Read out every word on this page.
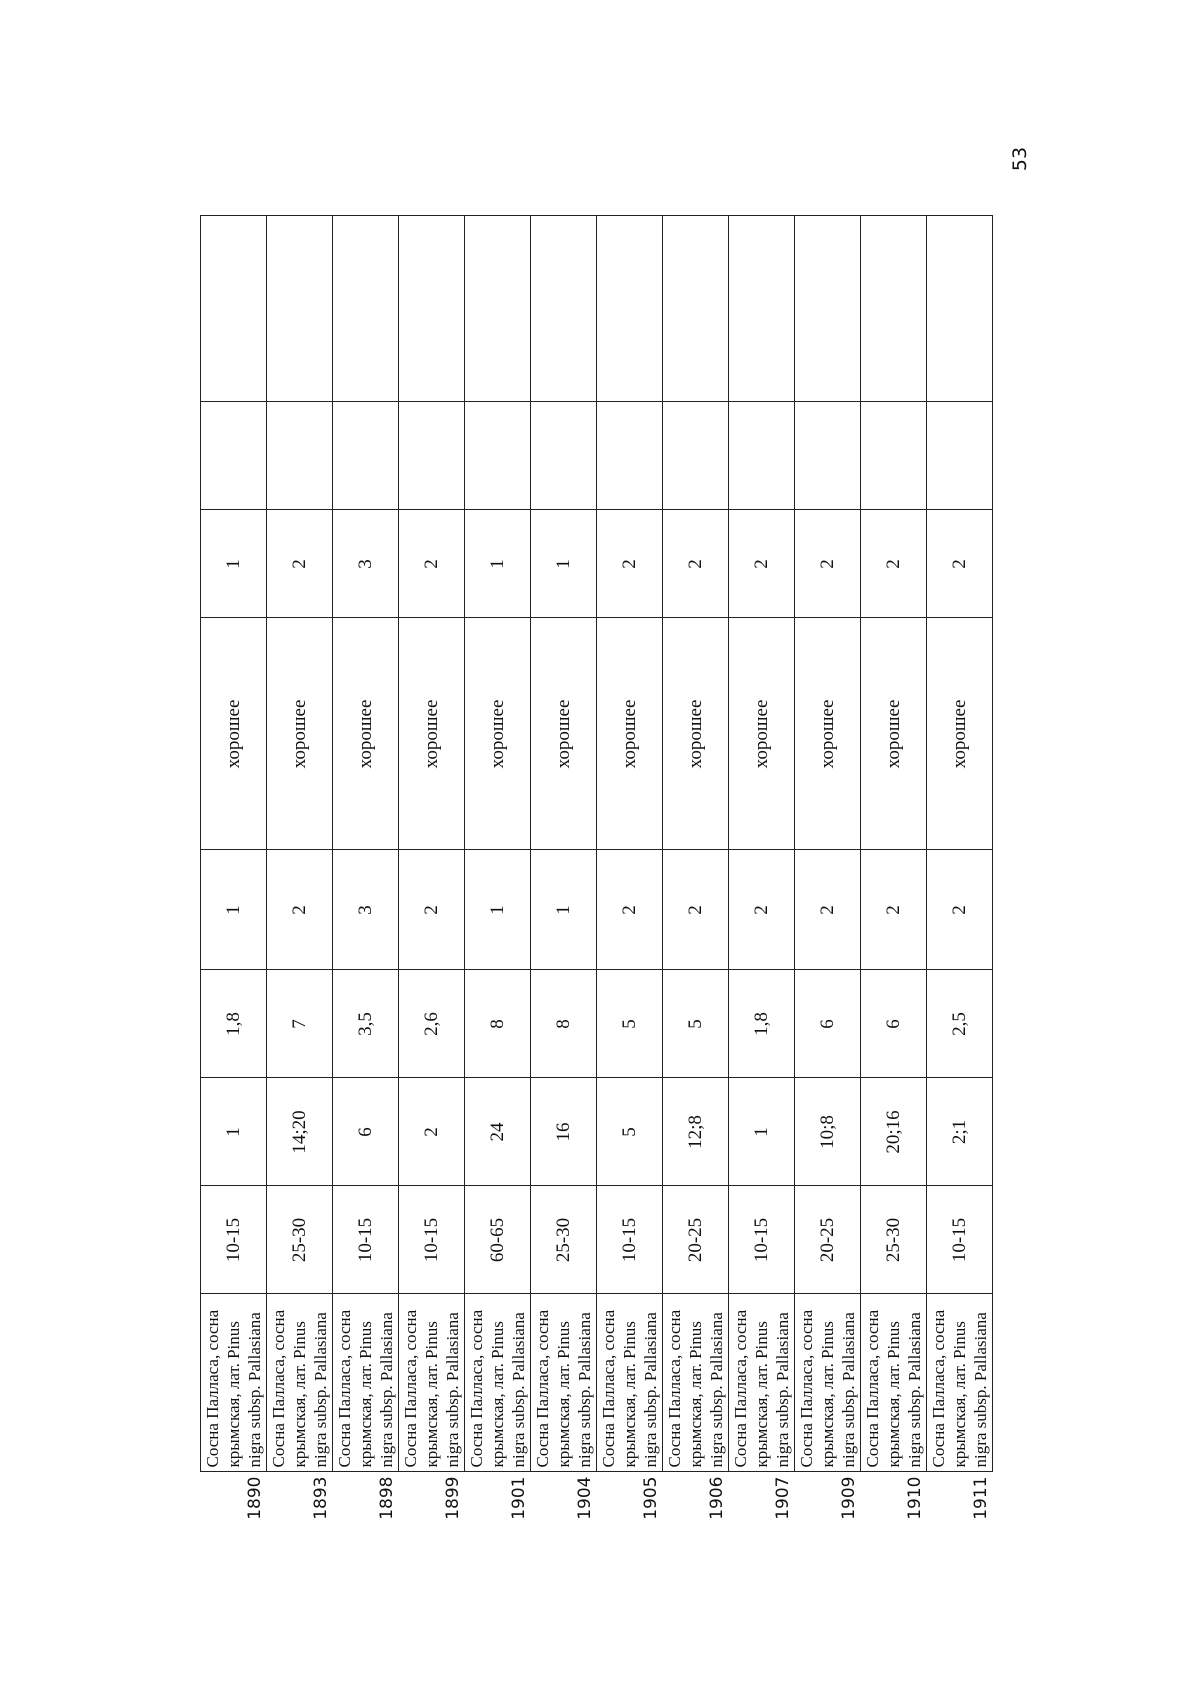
53
1890	Сосна Палласа, сосна крымская, лат. Pinus nigra subsp. Pallasiana	10-15	1	1,8	1	хорошее	1		
1893	Сосна Палласа, сосна крымская, лат. Pinus nigra subsp. Pallasiana	25-30	14;20	7	2	хорошее	2		
1898	Сосна Палласа, сосна крымская, лат. Pinus nigra subsp. Pallasiana	10-15	6	3,5	3	хорошее	3		
1899	Сосна Палласа, сосна крымская, лат. Pinus nigra subsp. Pallasiana	10-15	2	2,6	2	хорошее	2		
1901	Сосна Палласа, сосна крымская, лат. Pinus nigra subsp. Pallasiana	60-65	24	8	1	хорошее	1		
1904	Сосна Палласа, сосна крымская, лат. Pinus nigra subsp. Pallasiana	25-30	16	8	1	хорошее	1		
1905	Сосна Палласа, сосна крымская, лат. Pinus nigra subsp. Pallasiana	10-15	5	5	2	хорошее	2		
1906	Сосна Палласа, сосна крымская, лат. Pinus nigra subsp. Pallasiana	20-25	12;8	5	2	хорошее	2		
1907	Сосна Палласа, сосна крымская, лат. Pinus nigra subsp. Pallasiana	10-15	1	1,8	2	хорошее	2		
1909	Сосна Палласа, сосна крымская, лат. Pinus nigra subsp. Pallasiana	20-25	10;8	6	2	хорошее	2		
1910	Сосна Палласа, сосна крымская, лат. Pinus nigra subsp. Pallasiana	25-30	20;16	6	2	хорошее	2		
1911	Сосна Палласа, сосна крымская, лат. Pinus nigra subsp. Pallasiana	10-15	2;1	2,5	2	хорошее	2		
